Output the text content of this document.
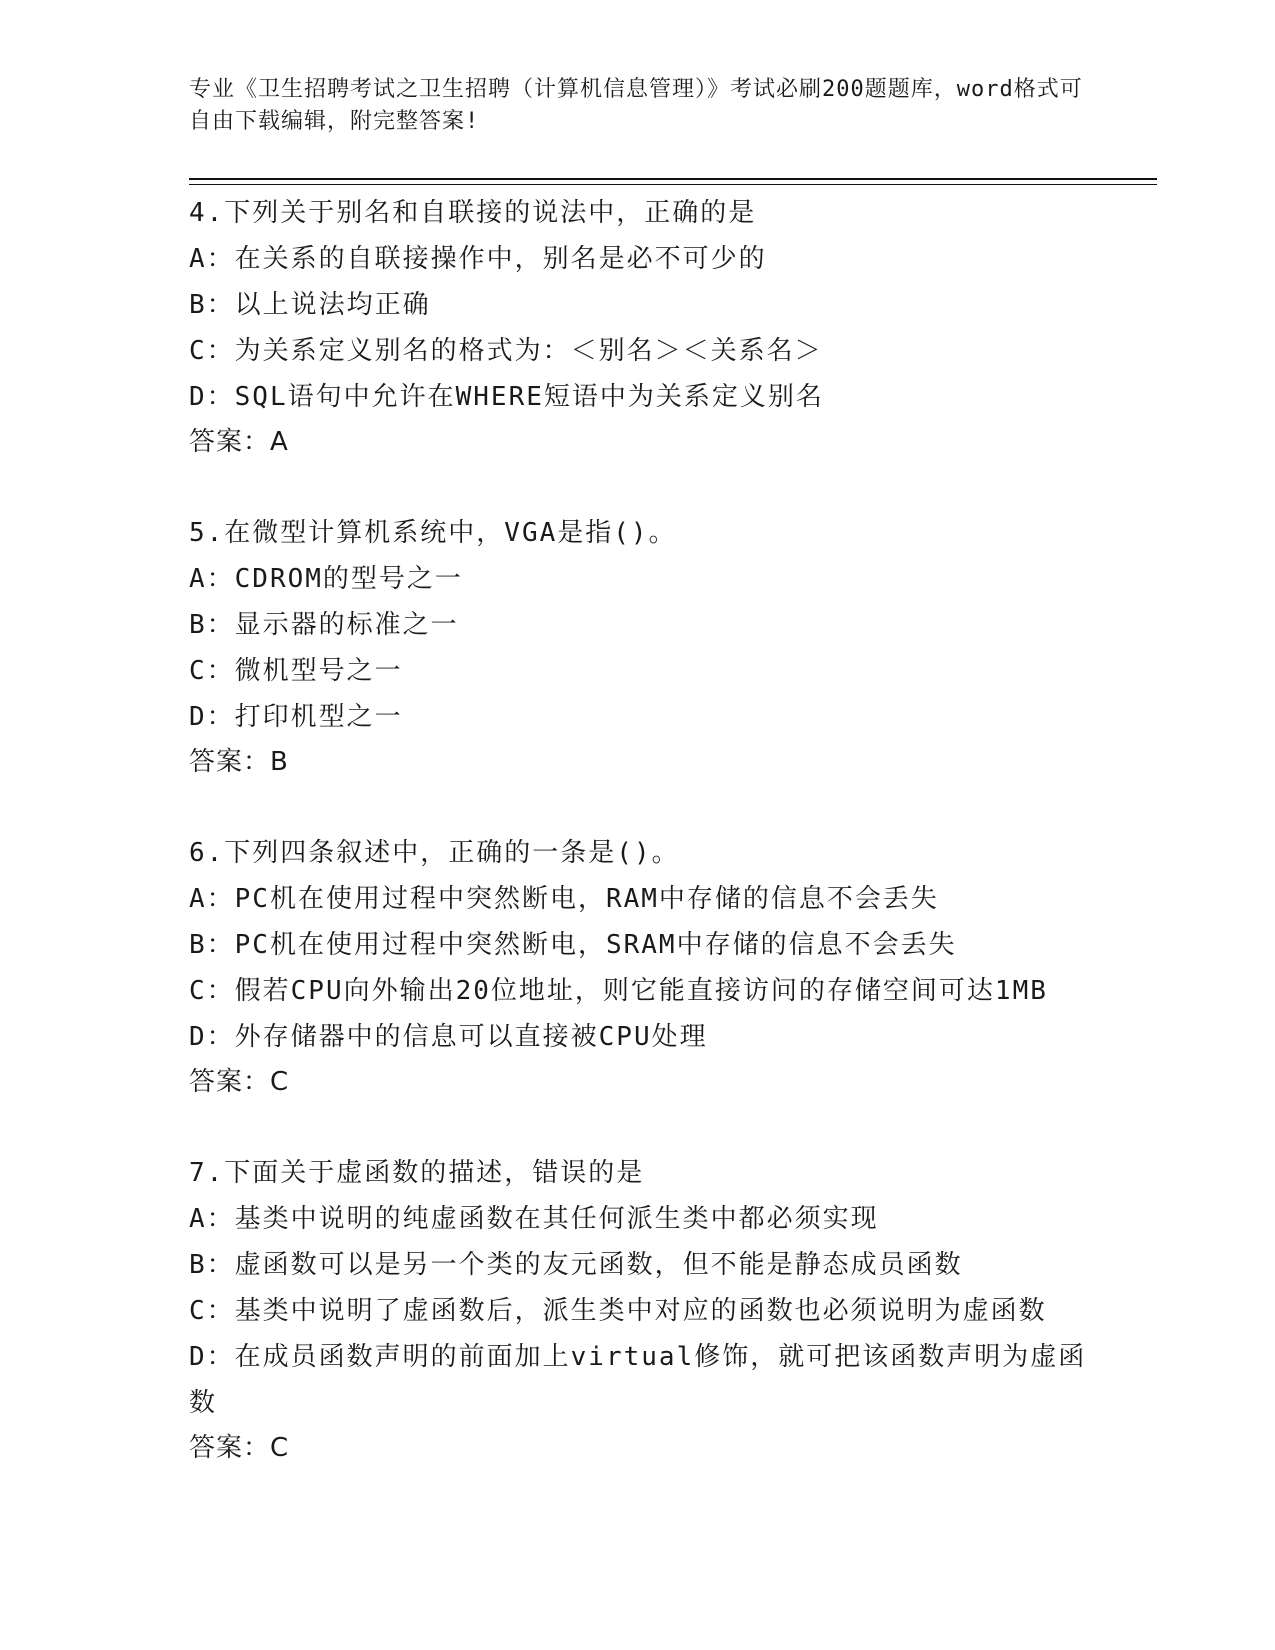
专业《卫生招聘考试之卫生招聘（计算机信息管理）》考试必刷200题题库，word格式可自由下载编辑，附完整答案!
4.下列关于别名和自联接的说法中，正确的是
A：在关系的自联接操作中，别名是必不可少的
B：以上说法均正确
C：为关系定义别名的格式为：＜别名＞＜关系名＞
D：SQL语句中允许在WHERE短语中为关系定义别名
答案：A
5.在微型计算机系统中，VGA是指()。
A：CDROM的型号之一
B：显示器的标准之一
C：微机型号之一
D：打印机型之一
答案：B
6.下列四条叙述中，正确的一条是()。
A：PC机在使用过程中突然断电，RAM中存储的信息不会丢失
B：PC机在使用过程中突然断电，SRAM中存储的信息不会丢失
C：假若CPU向外输出20位地址，则它能直接访问的存储空间可达1MB
D：外存储器中的信息可以直接被CPU处理
答案：C
7.下面关于虚函数的描述，错误的是
A：基类中说明的纯虚函数在其任何派生类中都必须实现
B：虚函数可以是另一个类的友元函数，但不能是静态成员函数
C：基类中说明了虚函数后，派生类中对应的函数也必须说明为虚函数
D：在成员函数声明的前面加上virtual修饰，就可把该函数声明为虚函数
答案：C
